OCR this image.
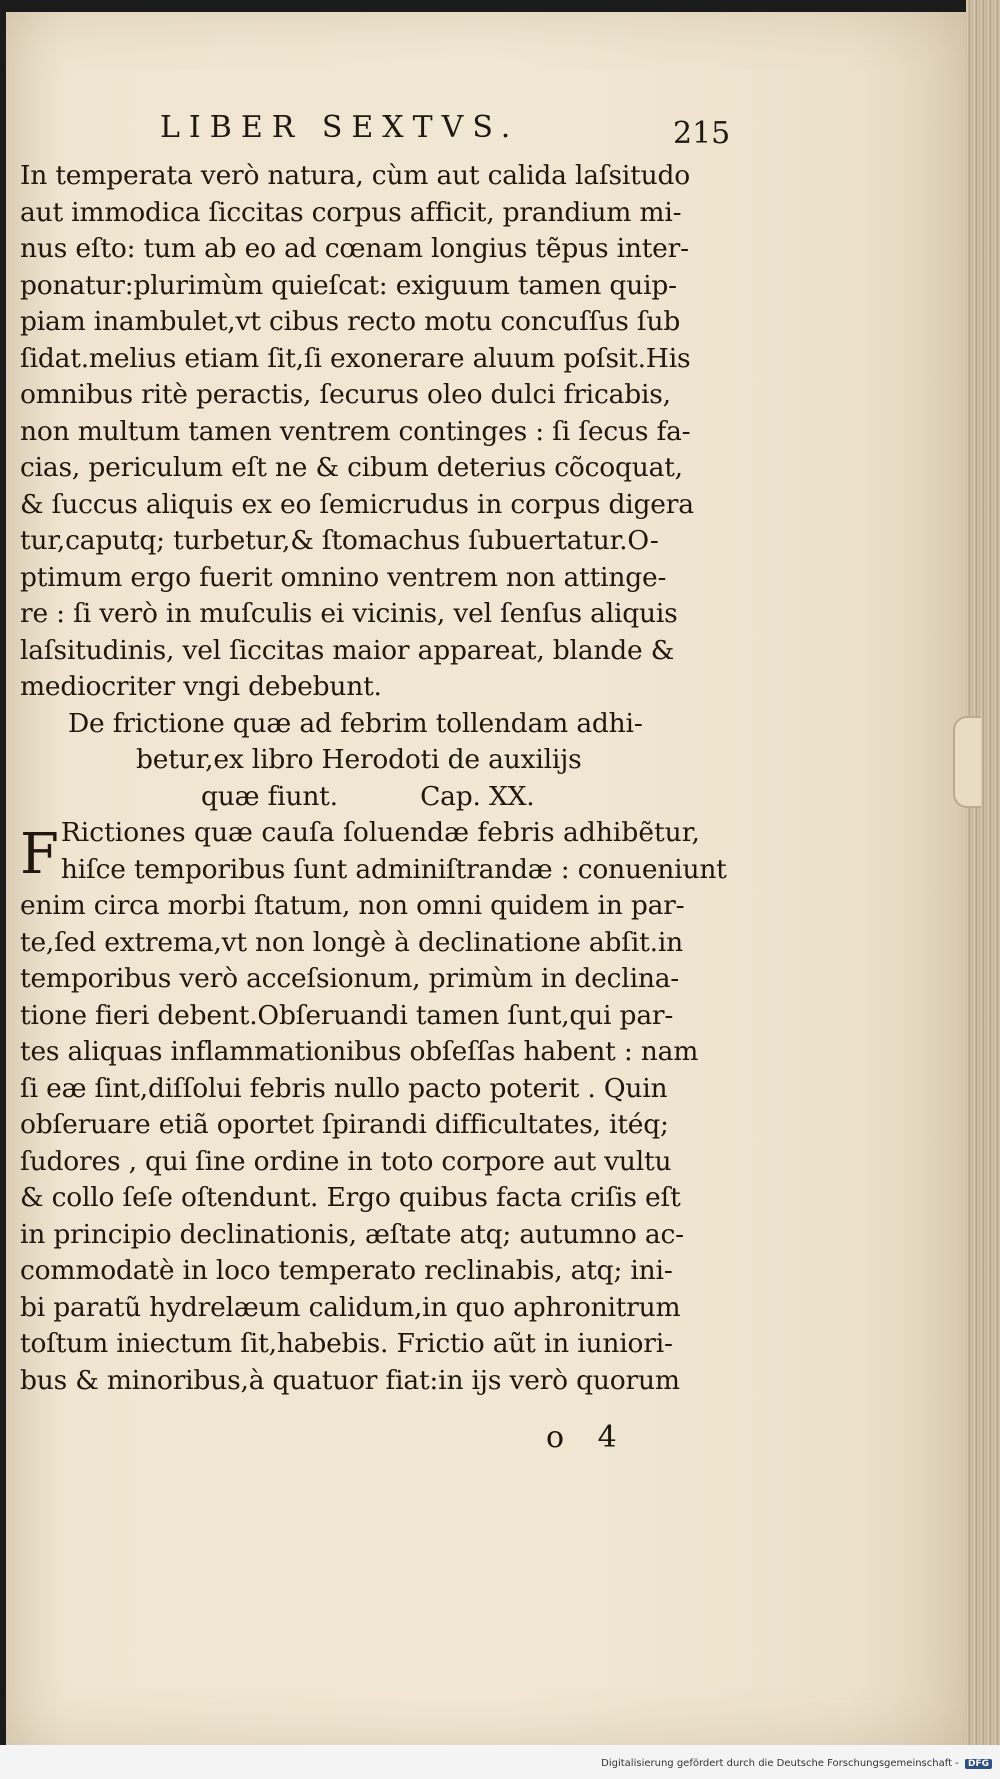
LIBER SEXTVS.	215
In temperata verò natura, cùm aut calida laſsitudo
aut immodica ſiccitas corpus afficit, prandium mi-
nus eſto: tum ab eo ad cœnam longius tẽpus inter-
ponatur:plurimùm quieſcat: exiguum tamen quip-
piam inambulet,vt cibus recto motu concuſſus ſub
ſidat.melius etiam ſit,ſi exonerare aluum poſsit.His
omnibus ritè peractis, ſecurus oleo dulci fricabis,
non multum tamen ventrem continges : ſi ſecus fa-
cias, periculum eſt ne & cibum deterius cõcoquat,
& ſuccus aliquis ex eo ſemicrudus in corpus digera
tur,caputq; turbetur,& ſtomachus ſubuertatur.O-
ptimum ergo fuerit omnino ventrem non attinge-
re : ſi verò in muſculis ei vicinis, vel ſenſus aliquis
laſsitudinis, vel ſiccitas maior appareat, blande &
mediocriter vngi debebunt.
De frictione quæ ad febrim tollendam adhi-
betur,ex libro Herodoti de auxilijs
quæ fiunt.          Cap. XX.
F Rictiones quæ cauſa ſoluendæ febris adhibẽtur,
hiſce temporibus ſunt adminiſtrandæ : conueniunt
enim circa morbi ſtatum, non omni quidem in par-
te,ſed extrema,vt non longè à declinatione abſit.in
temporibus verò acceſsionum, primùm in declina-
tione fieri debent.Obſeruandi tamen ſunt,qui par-
tes aliquas inflammationibus obſeſſas habent : nam
ſi eæ ſint,diſſolui febris nullo pacto poterit . Quin
obſeruare etiã oportet ſpirandi difficultates, itéq;
ſudores , qui ſine ordine in toto corpore aut vultu
& collo ſeſe oſtendunt. Ergo quibus facta criſis eſt
in principio declinationis, æſtate atq; autumno ac-
commodatè in loco temperato reclinabis, atq; ini-
bi paratũ hydrelæum calidum,in quo aphronitrum
toſtum iniectum ſit,habebis. Frictio aũt in iuniori-
bus & minoribus,à quatuor fiat:in ijs verò quorum
o 4
Digitalisierung gefördert durch die Deutsche Forschungsgemeinschaft - DFG
